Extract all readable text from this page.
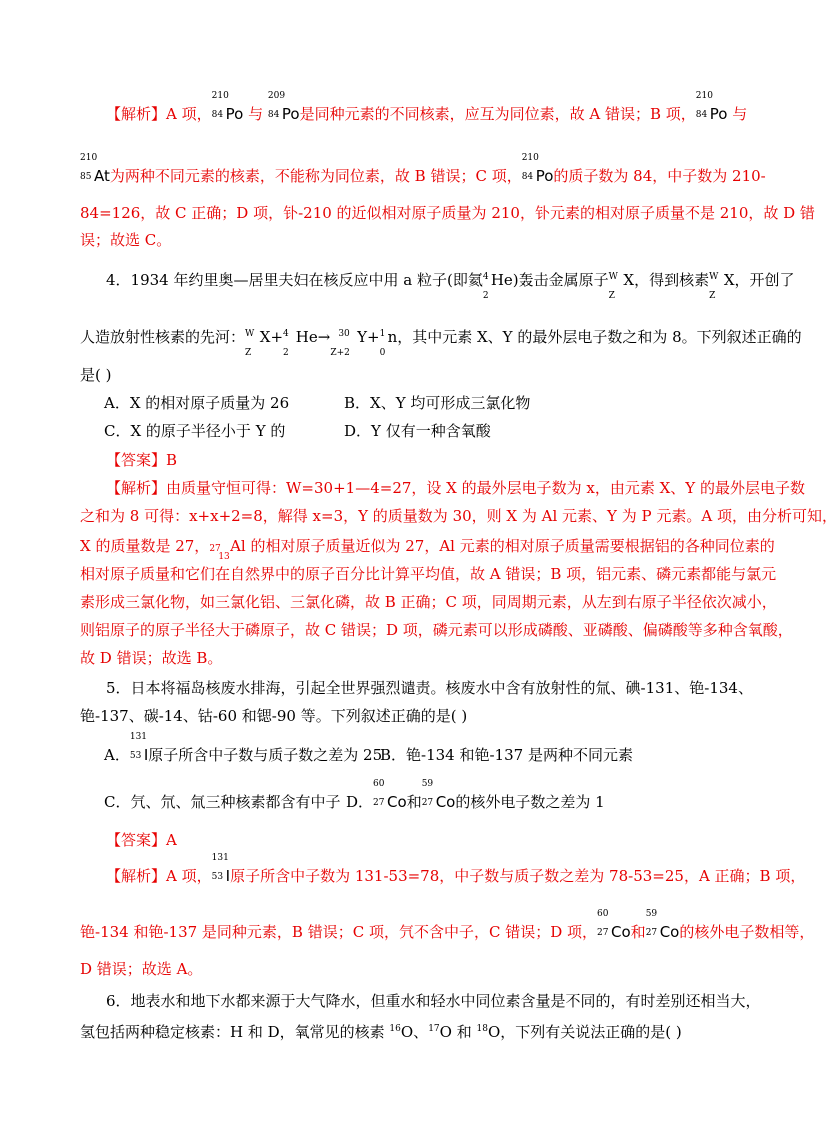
【解析】A 项，
210
84 Po 与
209
84 Po是同种元素的不同核素，应互为同位素，故 A 错误；B 项，
210
84 Po 与
210
85 At为两种不同元素的核素，不能称为同位素，故 B 错误；C 项，
210
84 Po的质子数为 84，中子数为 210-
84=126，故 C 正确；D 项，钋-210 的近似相对原子质量为 210，钋元素的相对原子质量不是 210，故 D 错
误；故选 C。
4．1934 年约里奥—居里夫妇在核反应中用 a 粒子(即氦 4
2
He)轰击金属原子 W
Z
X，得到核素 W
Z
X，开创了
人造放射性核素的先河： W
Z
X+ 4
2
He→ 30
Z+2
Y+ 1
0
n，其中元素 X、Y 的最外层电子数之和为 8。下列叙述正确的
是( )
A．X 的相对原子质量为 26	B．X、Y 均可形成三氯化物
C．X 的原子半径小于 Y 的	D．Y 仅有一种含氧酸
【答案】B
【解析】由质量守恒可得：W=30+1—4=27，设 X 的最外层电子数为 x，由元素 X、Y 的最外层电子数
之和为 8 可得：x+x+2=8，解得 x=3，Y 的质量数为 30，则 X 为 Al 元素、Y 为 P 元素。A 项，由分析可知，
X 的质量数是 27， 27
13
Al 的相对原子质量近似为 27，Al 元素的相对原子质量需要根据铝的各种同位素的
相对原子质量和它们在自然界中的原子百分比计算平均值，故 A 错误；B 项，铝元素、磷元素都能与氯元
素形成三氯化物，如三氯化铝、三氯化磷，故 B 正确；C 项，同周期元素，从左到右原子半径依次减小，
则铝原子的原子半径大于磷原子，故 C 错误；D 项，磷元素可以形成磷酸、亚磷酸、偏磷酸等多种含氧酸，
故 D 错误；故选 B。
5．日本将福岛核废水排海，引起全世界强烈谴责。核废水中含有放射性的氚、碘-131、铯-134、
铯-137、碳-14、钴-60 和锶-90 等。下列叙述正确的是( )
A．
131
53 I原子所含中子数与质子数之差为 25
B．铯-134 和铯-137 是两种不同元素
C．氕、氘、氚三种核素都含有中子 D．
60
27 Co和
59
27 Co的核外电子数之差为 1
【答案】A
【解析】A 项，
131
53 I原子所含中子数为 131-53=78，中子数与质子数之差为 78-53=25，A 正确；B 项，
铯-134 和铯-137 是同种元素，B 错误；C 项，氕不含中子，C 错误；D 项，
60
27 Co和
59
27 Co的核外电子数相等，
D 错误；故选 A。
6．地表水和地下水都来源于大气降水，但重水和轻水中同位素含量是不同的，有时差别还相当大，
氢包括两种稳定核素：H 和 D，氧常见的核素 $^{16}$O、$^{17}$O 和 $^{18}$O，下列有关说法正确的是( )
